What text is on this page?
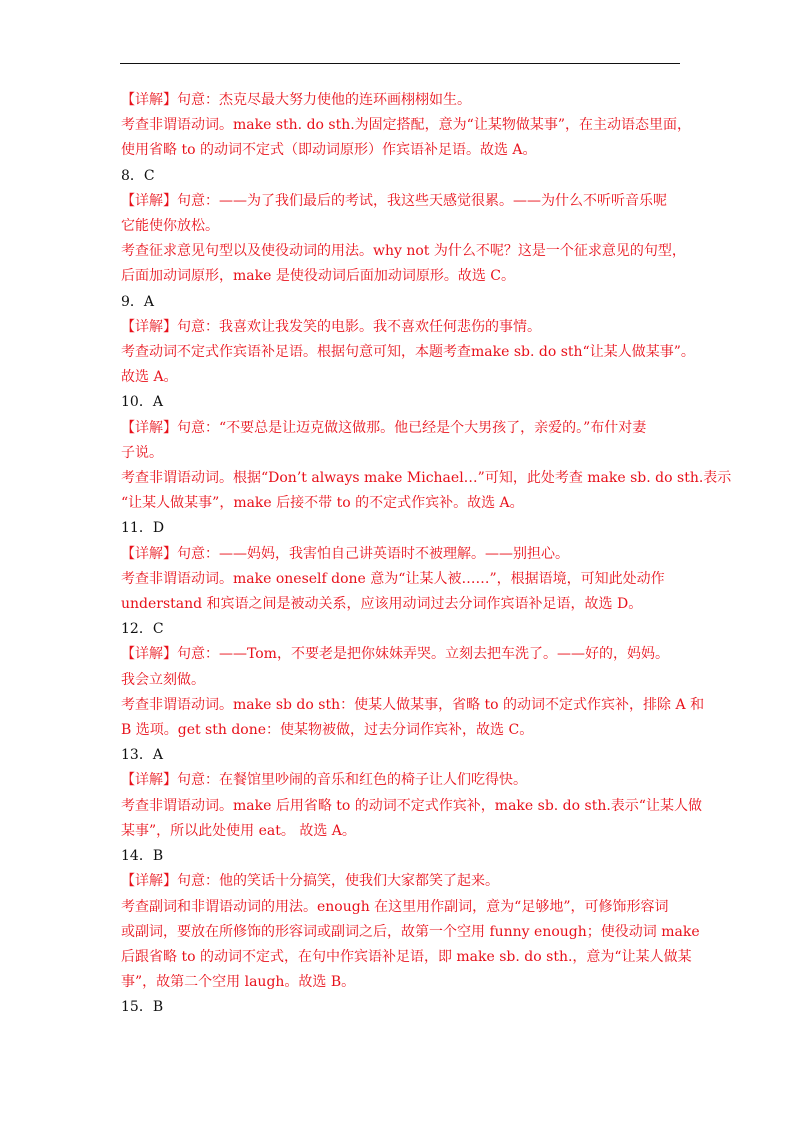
【详解】句意：杰克尽最大努力使他的连环画栩栩如生。
考查非谓语动词。make sth. do sth.为固定搭配，意为“让某物做某事”，在主动语态里面，
使用省略 to 的动词不定式（即动词原形）作宾语补足语。故选 A。
8．C
【详解】句意：——为了我们最后的考试，我这些天感觉很累。——为什么不听听音乐呢
它能使你放松。
考查征求意见句型以及使役动词的用法。why not 为什么不呢？这是一个征求意见的句型，
后面加动词原形，make 是使役动词后面加动词原形。故选 C。
9．A
【详解】句意：我喜欢让我发笑的电影。我不喜欢任何悲伤的事情。
考查动词不定式作宾语补足语。根据句意可知，本题考查make sb. do sth“让某人做某事”。
故选 A。
10．A
【详解】句意：“不要总是让迈克做这做那。他已经是个大男孩了，亲爱的。”布什对妻
子说。
考查非谓语动词。根据“Don’t always make Michael…”可知，此处考查 make sb. do sth.表示
“让某人做某事”，make 后接不带 to 的不定式作宾补。故选 A。
11．D
【详解】句意：——妈妈，我害怕自己讲英语时不被理解。——别担心。
考查非谓语动词。make oneself done 意为“让某人被……”，根据语境，可知此处动作
understand 和宾语之间是被动关系，应该用动词过去分词作宾语补足语，故选 D。
12．C
【详解】句意：——Tom，不要老是把你妹妹弄哭。立刻去把车洗了。——好的，妈妈。
我会立刻做。
考查非谓语动词。make sb do sth：使某人做某事，省略 to 的动词不定式作宾补，排除 A 和
B 选项。get sth done：使某物被做，过去分词作宾补，故选 C。
13．A
【详解】句意：在餐馆里吵闹的音乐和红色的椅子让人们吃得快。
考查非谓语动词。make 后用省略 to 的动词不定式作宾补，make sb. do sth.表示“让某人做
某事”，所以此处使用 eat。 故选 A。
14．B
【详解】句意：他的笑话十分搞笑，使我们大家都笑了起来。
考查副词和非谓语动词的用法。enough 在这里用作副词，意为“足够地”，可修饰形容词
或副词，要放在所修饰的形容词或副词之后，故第一个空用 funny enough；使役动词 make
后跟省略 to 的动词不定式，在句中作宾语补足语，即 make sb. do sth.，意为“让某人做某
事”，故第二个空用 laugh。故选 B。
15．B
